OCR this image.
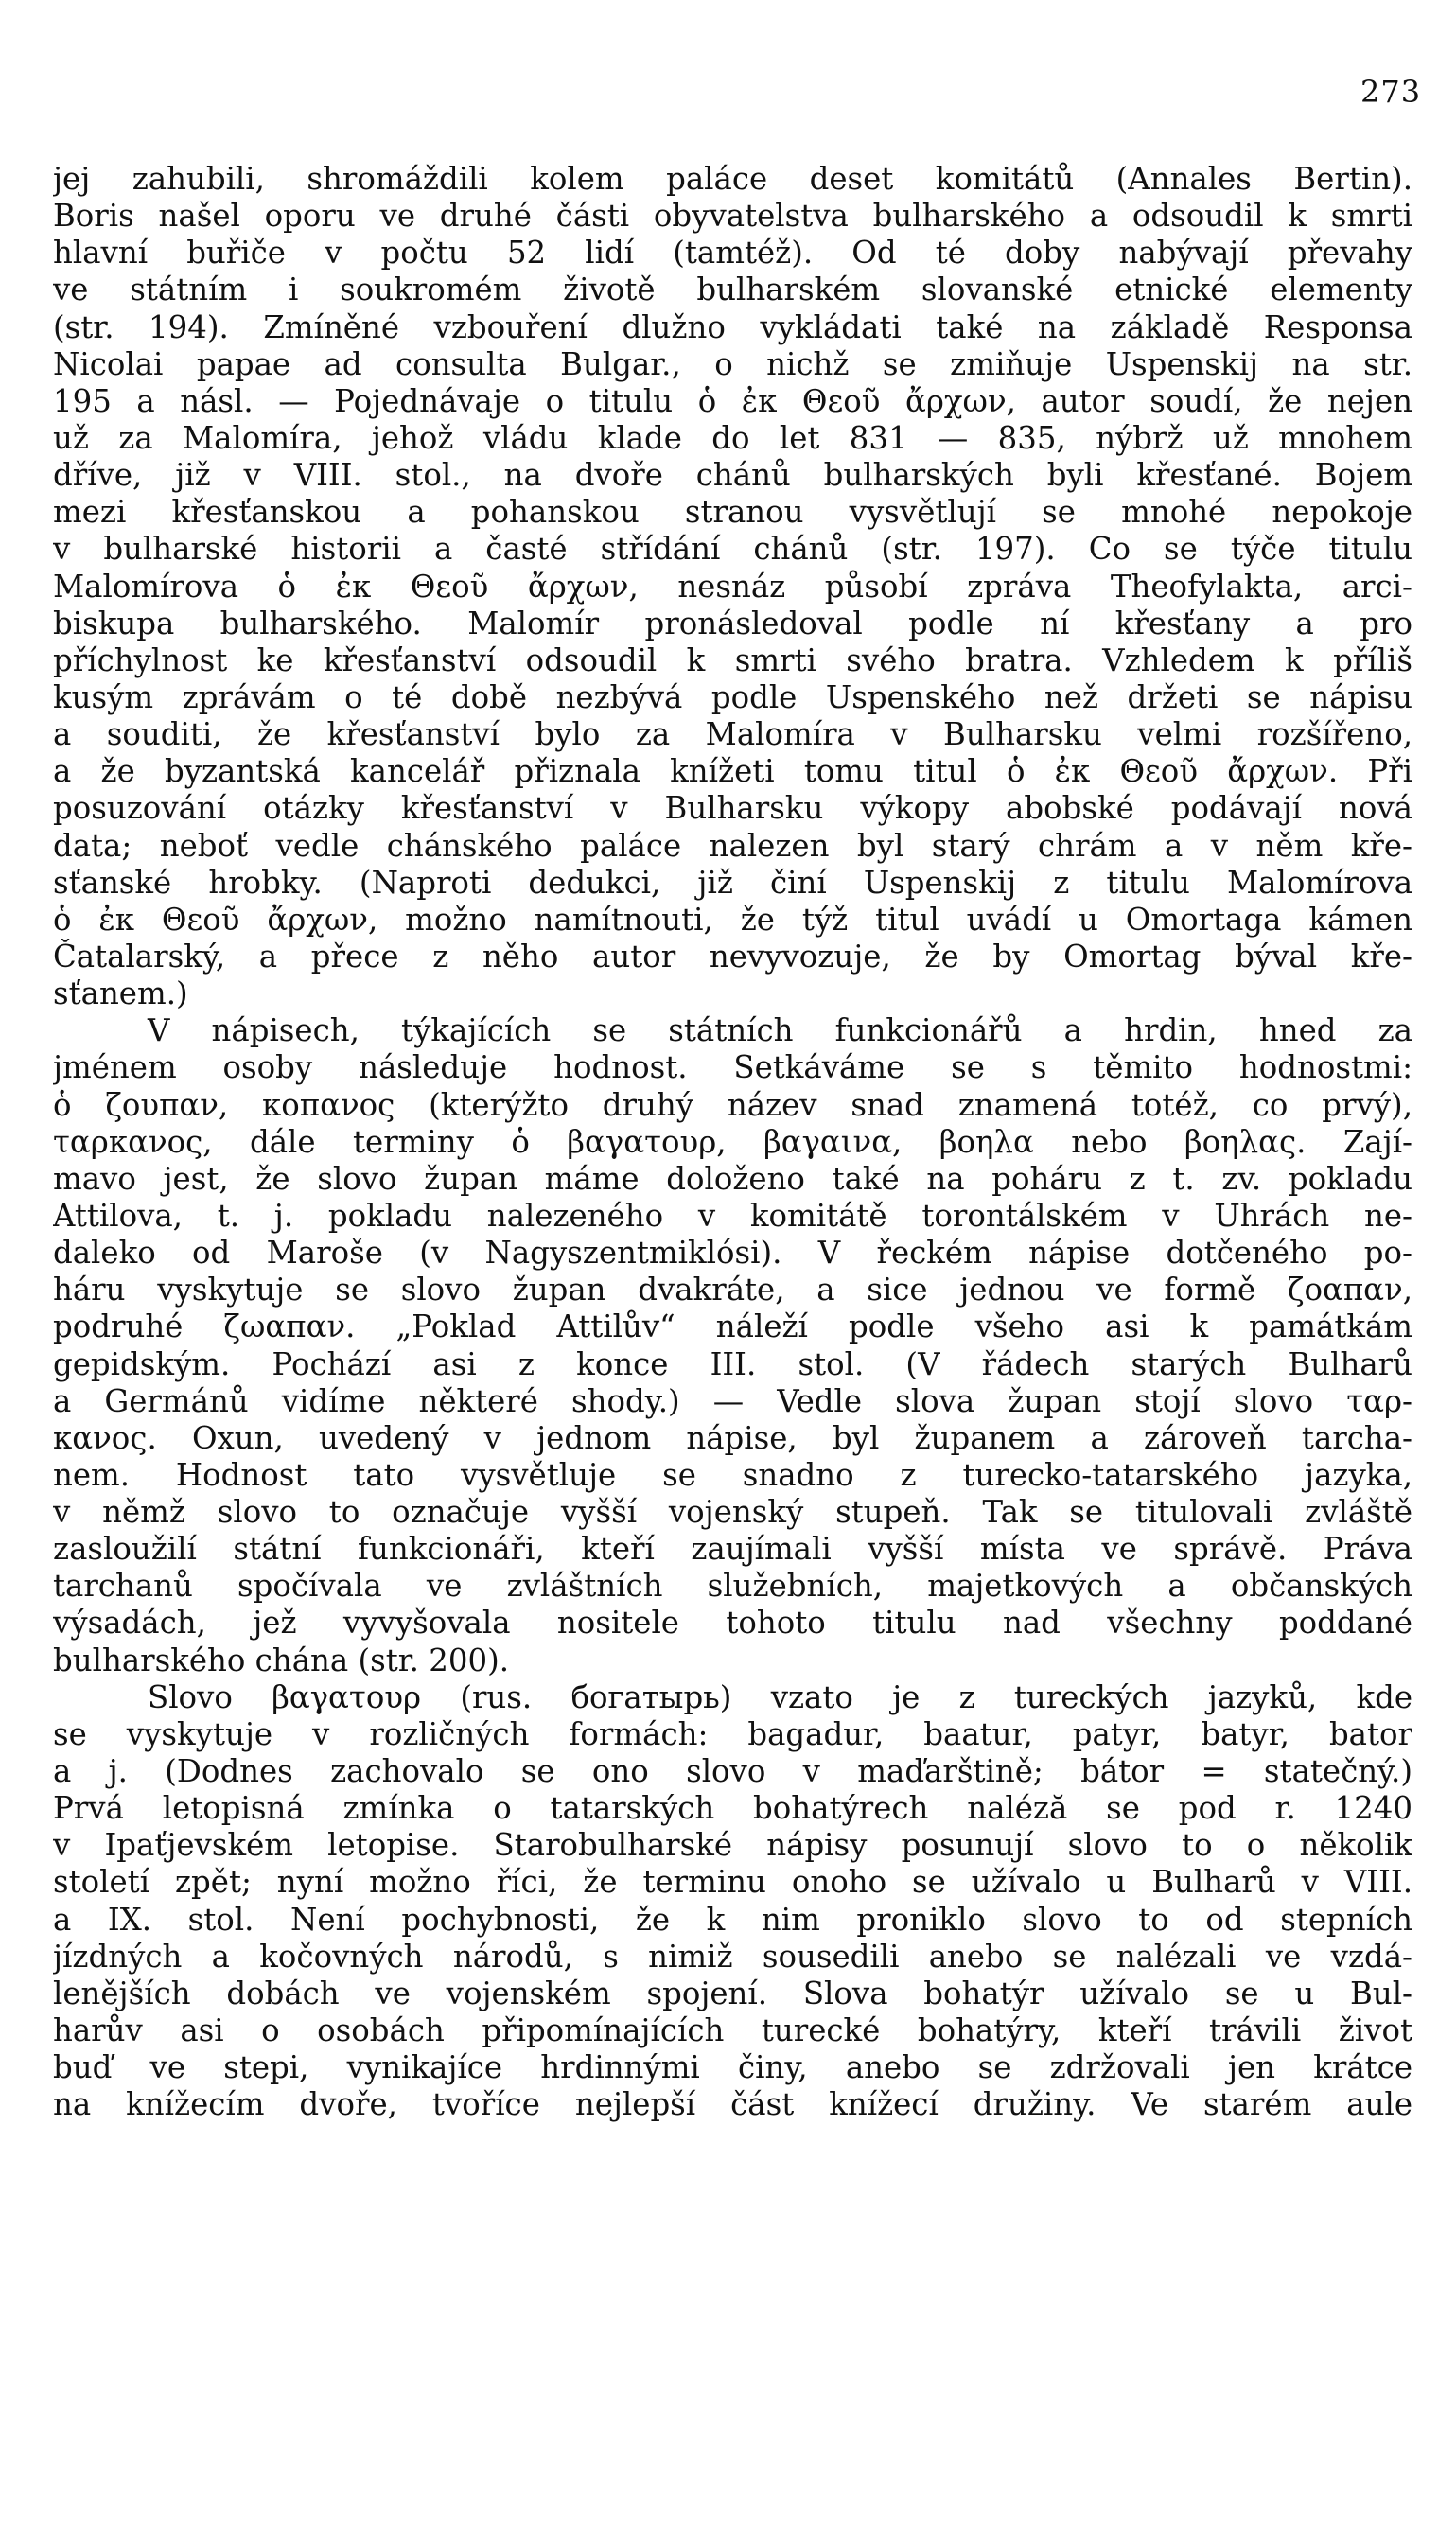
273
jej zahubili, shromáždili kolem paláce deset komitátů (Annales Bertin).
Boris našel oporu ve druhé části obyvatelstva bulharského a odsoudil k smrti
hlavní buřiče v počtu 52 lidí (tamtéž). Od té doby nabývají převahy
ve státním i soukromém životě bulharském slovanské etnické elementy
(str. 194). Zmíněné vzbouření dlužno vykládati také na základě Responsa
Nicolai papae ad consulta Bulgar., o nichž se zmiňuje Uspenskij na str.
195 a násl. — Pojednávaje o titulu ὁ ἐκ Θεοῦ ἄρχων, autor soudí, že nejen
už za Malomíra, jehož vládu klade do let 831 — 835, nýbrž už mnohem
dříve, již v VIII. stol., na dvoře chánů bulharských byli křesťané. Bojem
mezi křesťanskou a pohanskou stranou vysvětlují se mnohé nepokoje
v bulharské historii a časté střídání chánů (str. 197). Co se týče titulu
Malomírova ὁ ἐκ Θεοῦ ἄρχων, nesnáz působí zpráva Theofylakta, arci-
biskupa bulharského. Malomír pronásledoval podle ní křesťany a pro
příchylnost ke křesťanství odsoudil k smrti svého bratra. Vzhledem k příliš
kusým zprávám o té době nezbývá podle Uspenského než držeti se nápisu
a souditi, že křesťanství bylo za Malomíra v Bulharsku velmi rozšířeno,
a že byzantská kancelář přiznala knížeti tomu titul ὁ ἐκ Θεοῦ ἄρχων. Při
posuzování otázky křesťanství v Bulharsku výkopy abobské podávají nová
data; neboť vedle chánského paláce nalezen byl starý chrám a v něm kře-
sťanské hrobky. (Naproti dedukci, již činí Uspenskij z titulu Malomírova
ὁ ἐκ Θεοῦ ἄρχων, možno namítnouti, že týž titul uvádí u Omortaga kámen
Čatalarský, a přece z něho autor nevyvozuje, že by Omortag býval kře-
sťanem.)
V nápisech, týkajících se státních funkcionářů a hrdin, hned za
jménem osoby následuje hodnost. Setkáváme se s těmito hodnostmi:
ὁ ζουπαν, κοπανος (kterýžto druhý název snad znamená totéž, co prvý),
ταρκανος, dále terminy ὁ βαγατουρ, βαγαινα, βοηλα nebo βοηλας. Zají-
mavo jest, že slovo župan máme doloženo také na poháru z t. zv. pokladu
Attilova, t. j. pokladu nalezeného v komitátě torontálském v Uhrách ne-
daleko od Maroše (v Nagyszentmiklósi). V řeckém nápise dotčeného po-
háru vyskytuje se slovo župan dvakráte, a sice jednou ve formě ζοαπαν,
podruhé ζωαπαν. „Poklad Attilův“ náleží podle všeho asi k památkám
gepidským. Pochází asi z konce III. stol. (V řádech starých Bulharů
a Germánů vidíme některé shody.) — Vedle slova župan stojí slovo ταρ-
κανος. Oxun, uvedený v jednom nápise, byl županem a zároveň tarcha-
nem. Hodnost tato vysvětluje se snadno z turecko-tatarského jazyka,
v němž slovo to označuje vyšší vojenský stupeň. Tak se titulovali zvláště
zasloužilí státní funkcionáři, kteří zaujímali vyšší místa ve správě. Práva
tarchanů spočívala ve zvláštních služebních, majetkových a občanských
výsadách, jež vyvyšovala nositele tohoto titulu nad všechny poddané
bulharského chána (str. 200).
Slovo βαγατουρ (rus. богатырь) vzato je z tureckých jazyků, kde
se vyskytuje v rozličných formách: bagadur, baatur, patyr, batyr, bator
a j. (Dodnes zachovalo se ono slovo v maďarštině; bátor = statečný.)
Prvá letopisná zmínka o tatarských bohatýrech naléză se pod r. 1240
v Ipaťjevském letopise. Starobulharské nápisy posunují slovo to o několik
století zpět; nyní možno říci, že terminu onoho se užívalo u Bulharů v VIII.
a IX. stol. Není pochybnosti, že k nim proniklo slovo to od stepních
jízdných a kočovných národů, s nimiž sousedili anebo se nalézali ve vzdá-
lenějších dobách ve vojenském spojení. Slova bohatýr užívalo se u Bul-
harův asi o osobách připomínajících turecké bohatýry, kteří trávili život
buď ve stepi, vynikajíce hrdinnými činy, anebo se zdržovali jen krátce
na knížecím dvoře, tvoříce nejlepší část knížecí družiny. Ve starém aule
